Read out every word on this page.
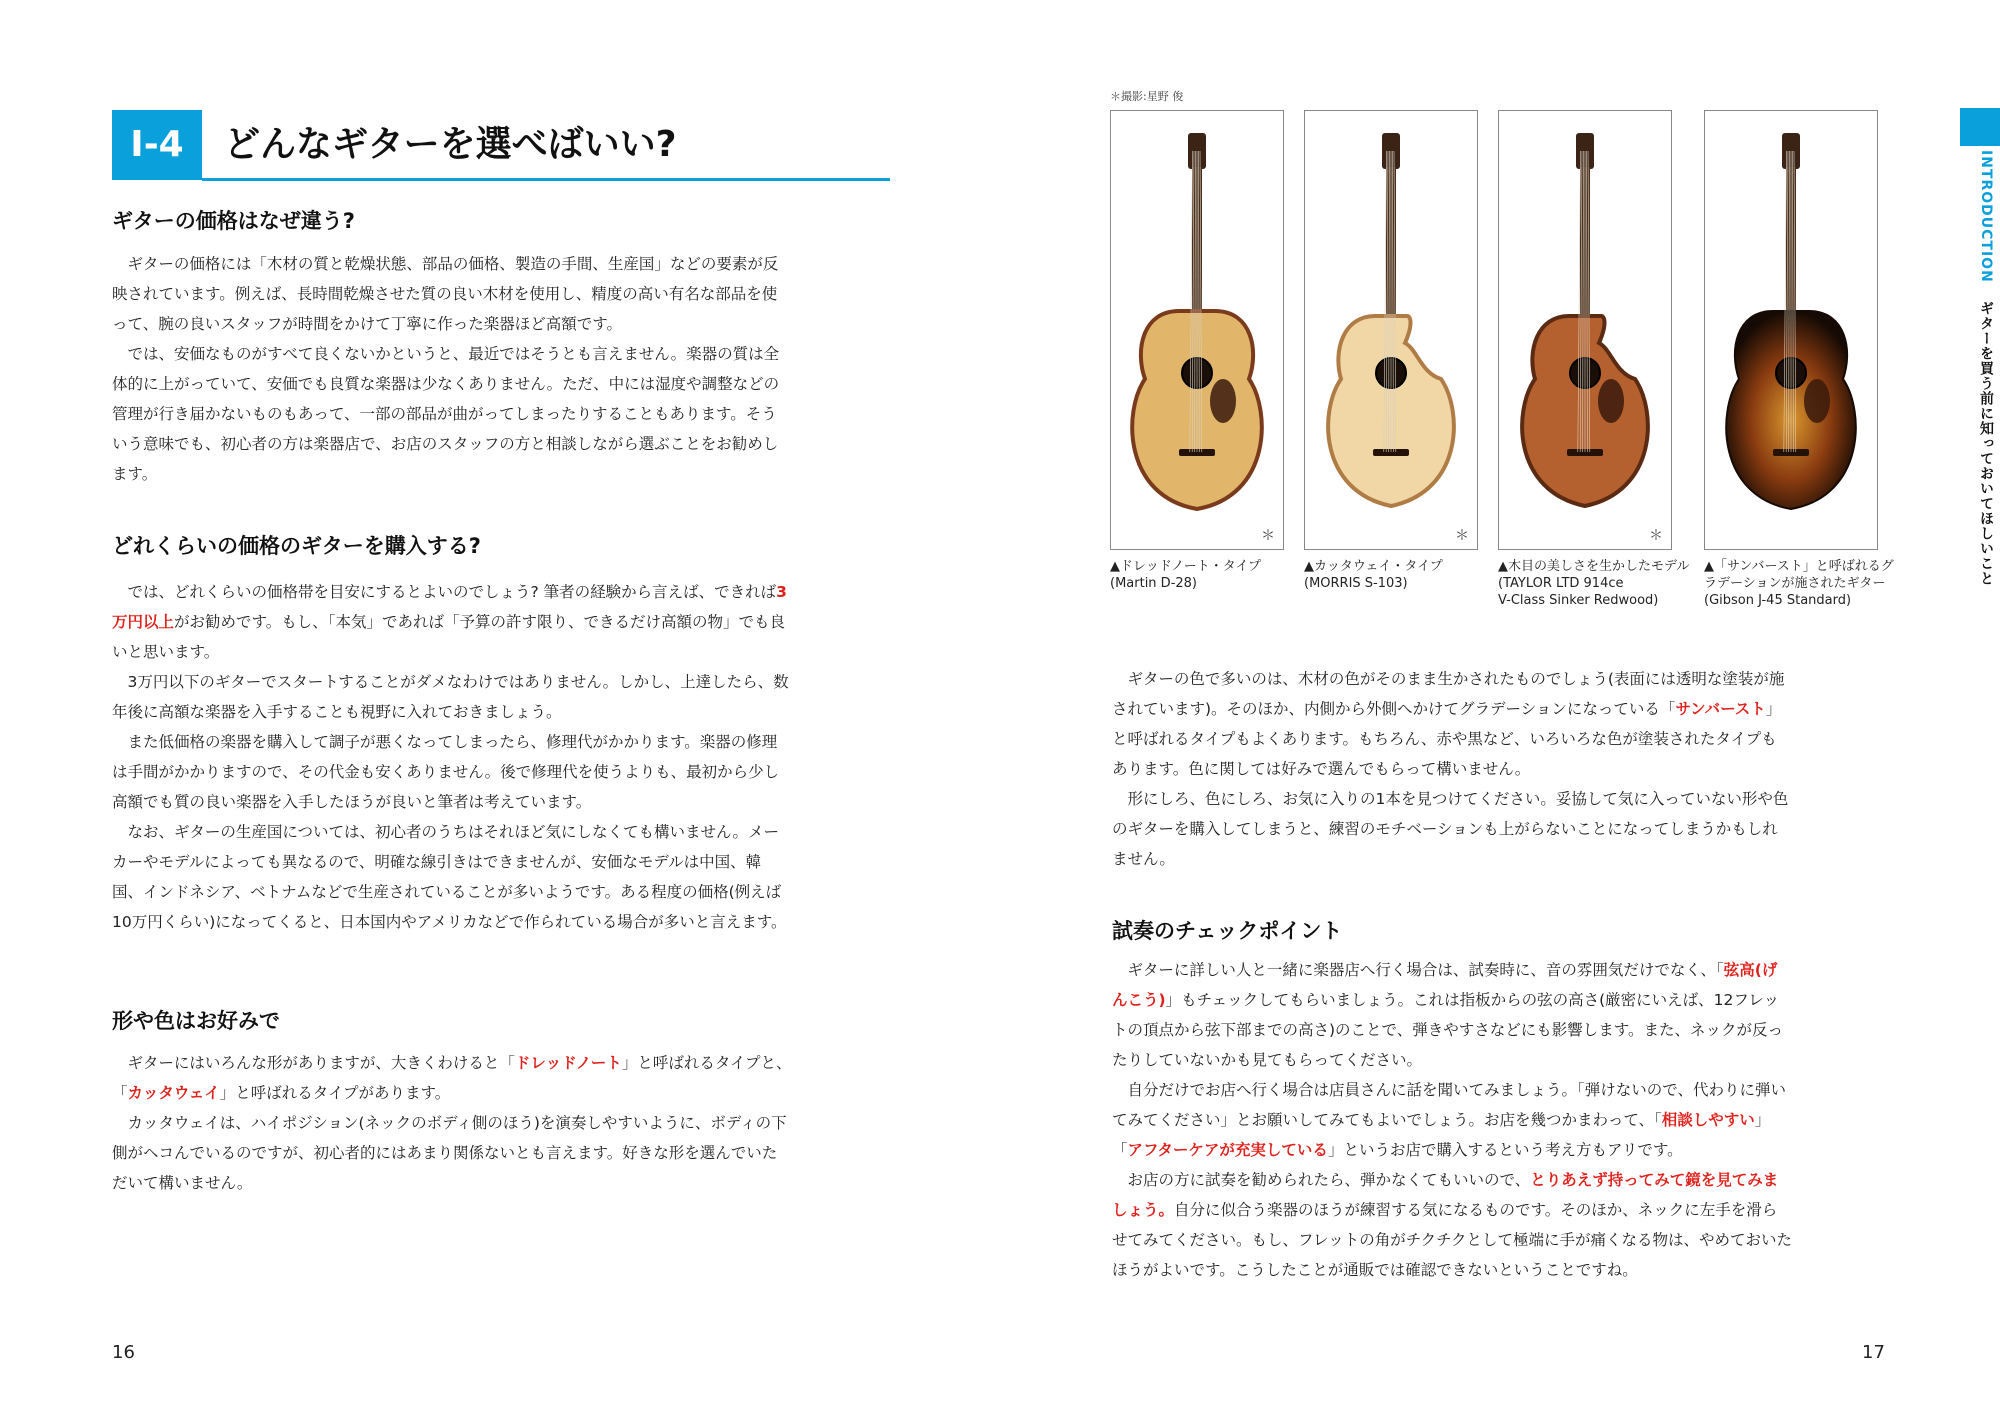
I-4	どんなギターを選べばいい?
ギターの価格はなぜ違う?

ギターの価格には「木材の質と乾燥状態、部品の価格、製造の手間、生産国」などの要素が反映されています。例えば、長時間乾燥させた質の良い木材を使用し、精度の高い有名な部品を使って、腕の良いスタッフが時間をかけて丁寧に作った楽器ほど高額です。

では、安価なものがすべて良くないかというと、最近ではそうとも言えません。楽器の質は全体的に上がっていて、安価でも良質な楽器は少なくありません。ただ、中には湿度や調整などの管理が行き届かないものもあって、一部の部品が曲がってしまったりすることもあります。そういう意味でも、初心者の方は楽器店で、お店のスタッフの方と相談しながら選ぶことをお勧めします。

どれくらいの価格のギターを購入する?

では、どれくらいの価格帯を目安にするとよいのでしょう? 筆者の経験から言えば、できれば3万円以上がお勧めです。もし、「本気」であれば「予算の許す限り、できるだけ高額の物」でも良いと思います。

3万円以下のギターでスタートすることがダメなわけではありません。しかし、上達したら、数年後に高額な楽器を入手することも視野に入れておきましょう。

また低価格の楽器を購入して調子が悪くなってしまったら、修理代がかかります。楽器の修理は手間がかかりますので、その代金も安くありません。後で修理代を使うよりも、最初から少し高額でも質の良い楽器を入手したほうが良いと筆者は考えています。

なお、ギターの生産国については、初心者のうちはそれほど気にしなくても構いません。メーカーやモデルによっても異なるので、明確な線引きはできませんが、安価なモデルは中国、韓国、インドネシア、ベトナムなどで生産されていることが多いようです。ある程度の価格(例えば10万円くらい)になってくると、日本国内やアメリカなどで作られている場合が多いと言えます。

形や色はお好みで

ギターにはいろんな形がありますが、大きくわけると「ドレッドノート」と呼ばれるタイプと、「カッタウェイ」と呼ばれるタイプがあります。

カッタウェイは、ハイポジション(ネックのボディ側のほう)を演奏しやすいように、ボディの下側がヘコんでいるのですが、初心者的にはあまり関係ないとも言えます。好きな形を選んでいただいて構いません。

16
＊撮影:星野 俊
＊	＊	＊

▲ドレッドノート・タイプ
(Martin D-28)

▲カッタウェイ・タイプ
(MORRIS S-103)

▲木目の美しさを生かしたモデル
(TAYLOR LTD 914ce
V-Class Sinker Redwood)

▲「サンバースト」と呼ばれるグ
ラデーションが施されたギター
(Gibson J-45 Standard)

ギターの色で多いのは、木材の色がそのまま生かされたものでしょう(表面には透明な塗装が施されています)。そのほか、内側から外側へかけてグラデーションになっている「サンバースト」と呼ばれるタイプもよくあります。もちろん、赤や黒など、いろいろな色が塗装されたタイプもあります。色に関しては好みで選んでもらって構いません。

形にしろ、色にしろ、お気に入りの1本を見つけてください。妥協して気に入っていない形や色のギターを購入してしまうと、練習のモチベーションも上がらないことになってしまうかもしれません。

試奏のチェックポイント

ギターに詳しい人と一緒に楽器店へ行く場合は、試奏時に、音の雰囲気だけでなく、「弦高(げんこう)」もチェックしてもらいましょう。これは指板からの弦の高さ(厳密にいえば、12フレットの頂点から弦下部までの高さ)のことで、弾きやすさなどにも影響します。また、ネックが反ったりしていないかも見てもらってください。

自分だけでお店へ行く場合は店員さんに話を聞いてみましょう。「弾けないので、代わりに弾いてみてください」とお願いしてみてもよいでしょう。お店を幾つかまわって、「相談しやすい」「アフターケアが充実している」というお店で購入するという考え方もアリです。

お店の方に試奏を勧められたら、弾かなくてもいいので、とりあえず持ってみて鏡を見てみましょう。自分に似合う楽器のほうが練習する気になるものです。そのほか、ネックに左手を滑らせてみてください。もし、フレットの角がチクチクとして極端に手が痛くなる物は、やめておいたほうがよいです。こうしたことが通販では確認できないということですね。

17
INTRODUCTIONギターを買う前に知っておいてほしいこと
